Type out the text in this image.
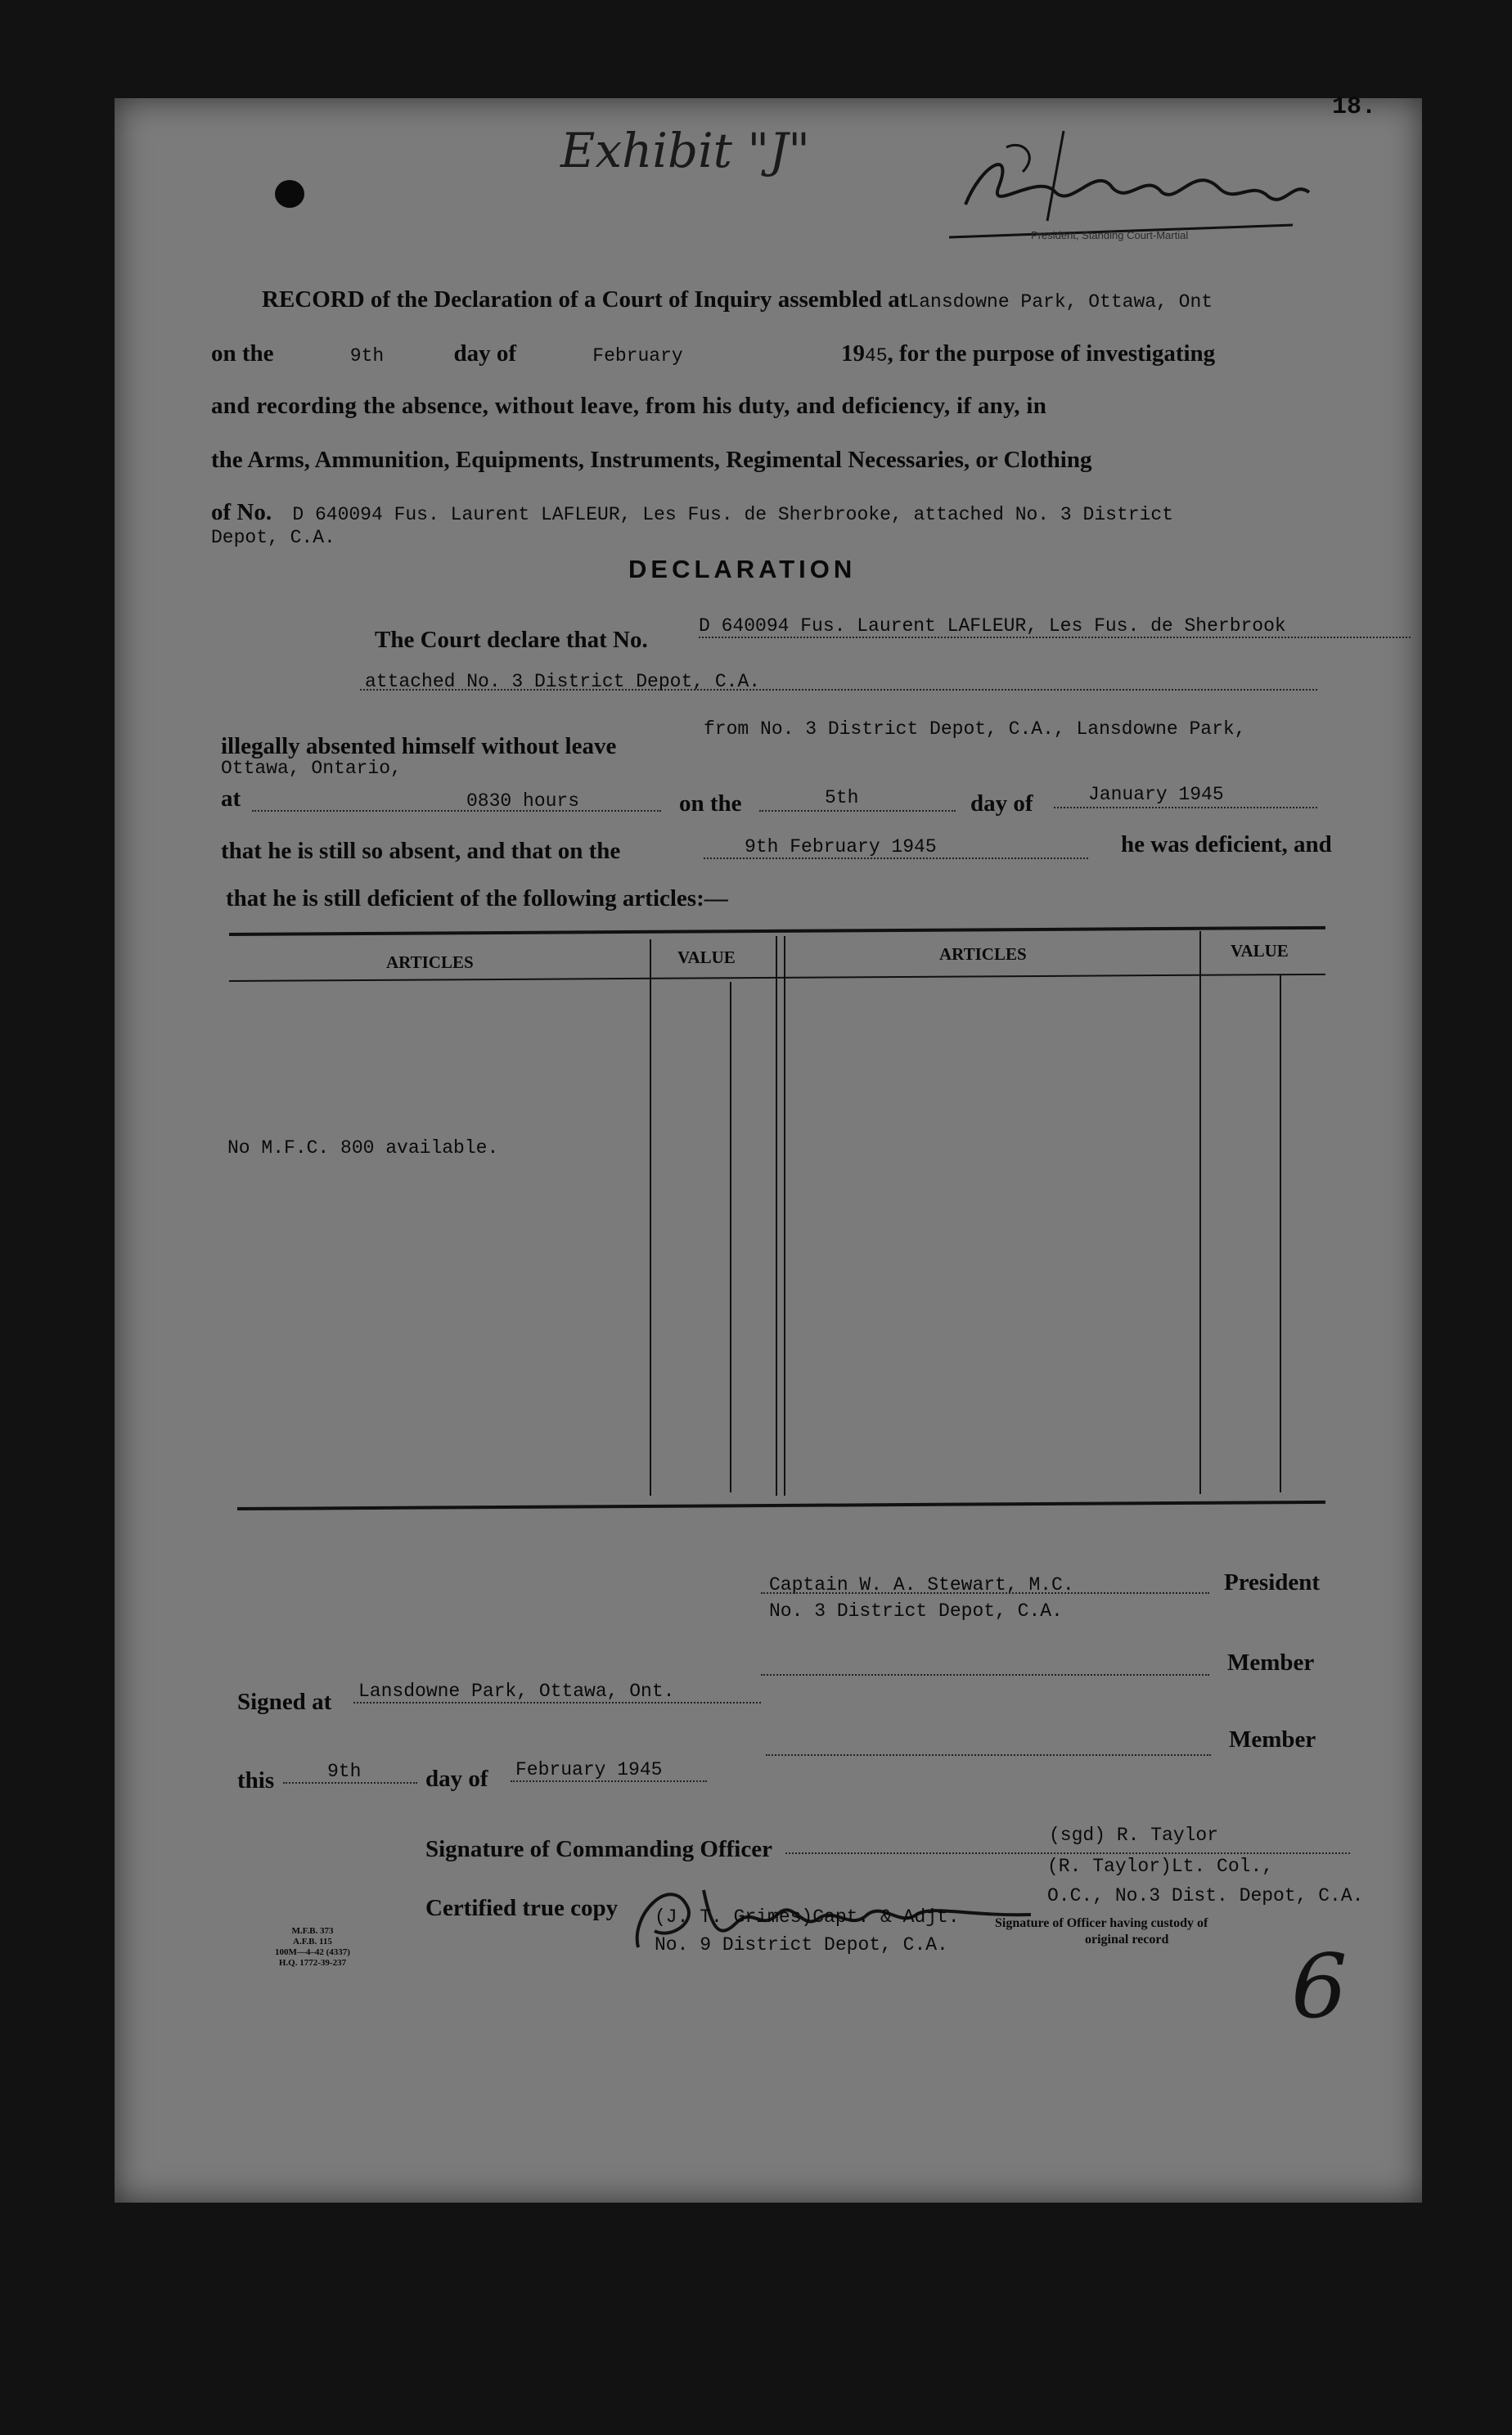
18.
Exhibit "J"
President, Standing Court-Martial
RECORD of the Declaration of a Court of Inquiry assembled atLansdowne Park, Ottawa, Ont
on the	9th	day of	February	1945, for the purpose of investigating
and recording the absence, without leave, from his duty, and deficiency, if any, in
the Arms, Ammunition, Equipments, Instruments, Regimental Necessaries, or Clothing
of No. D 640094 Fus. Laurent LAFLEUR, Les Fus. de Sherbrooke, attached No. 3 District
Depot, C.A.
DECLARATION
The Court declare that No.
D 640094 Fus. Laurent LAFLEUR, Les Fus. de Sherbrook
attached No. 3 District Depot, C.A.
illegally absented himself without leave
from No. 3 District Depot, C.A., Lansdowne Park,
Ottawa, Ontario,
at	0830 hours	on the	5th	day of	January 1945
that he is still so absent, and that on the	9th February 1945	he was deficient, and
that he is still deficient of the following articles:—
ARTICLES	VALUE	ARTICLES	VALUE
No M.F.C. 800 available.
Captain W. A. Stewart, M.C.
No. 3 District Depot, C.A.
President
Member
Signed at Lansdowne Park, Ottawa, Ont.
Member
this	9th	day of February 1945
Signature of Commanding Officer
(sgd) R. Taylor
(R. Taylor)Lt. Col.,
O.C., No.3 Dist. Depot, C.A.
Certified true copy (J. T. Grimes)Capt. & Adjt.
No. 9 District Depot, C.A.
Signature of Officer having custody of
original record
M.F.B. 373
A.F.B. 115
100M—4–42 (4337)
H.Q. 1772-39-237	6
